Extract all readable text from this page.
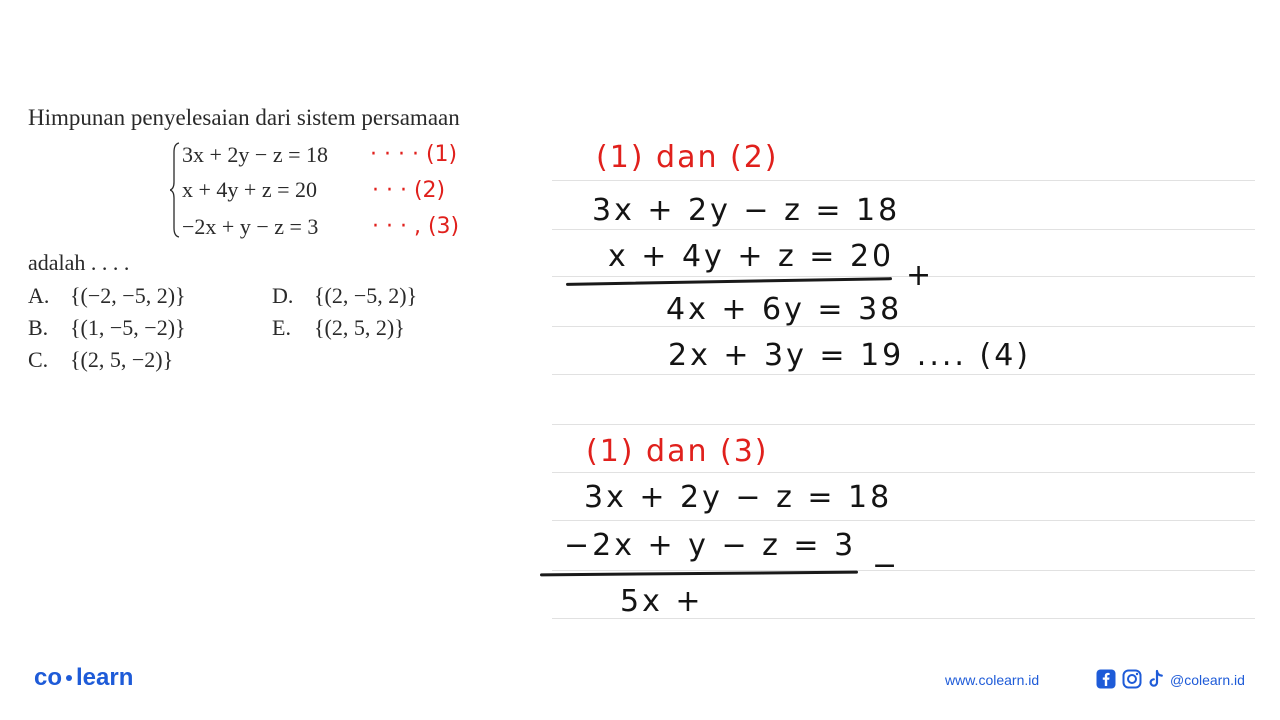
Himpunan penyelesaian dari sistem persamaan
3x + 2y − z = 18
x + 4y + z = 20
−2x + y − z = 3
adalah . . . .
A. {(−2, −5, 2)}
B. {(1, −5, −2)}
C. {(2, 5, −2)}
D. {(2, −5, 2)}
E. {(2, 5, 2)}
· · · · (1)
· · · (2)
· · · , (3)
(1) dan (2)
3x + 2y − z = 18
x + 4y + z = 20
+
4x + 6y = 38
2x + 3y = 19 .... (4)
(1) dan (3)
3x + 2y − z = 18
−2x + y − z = 3
−
5x +
co learn	www.colearn.id	@colearn.id
